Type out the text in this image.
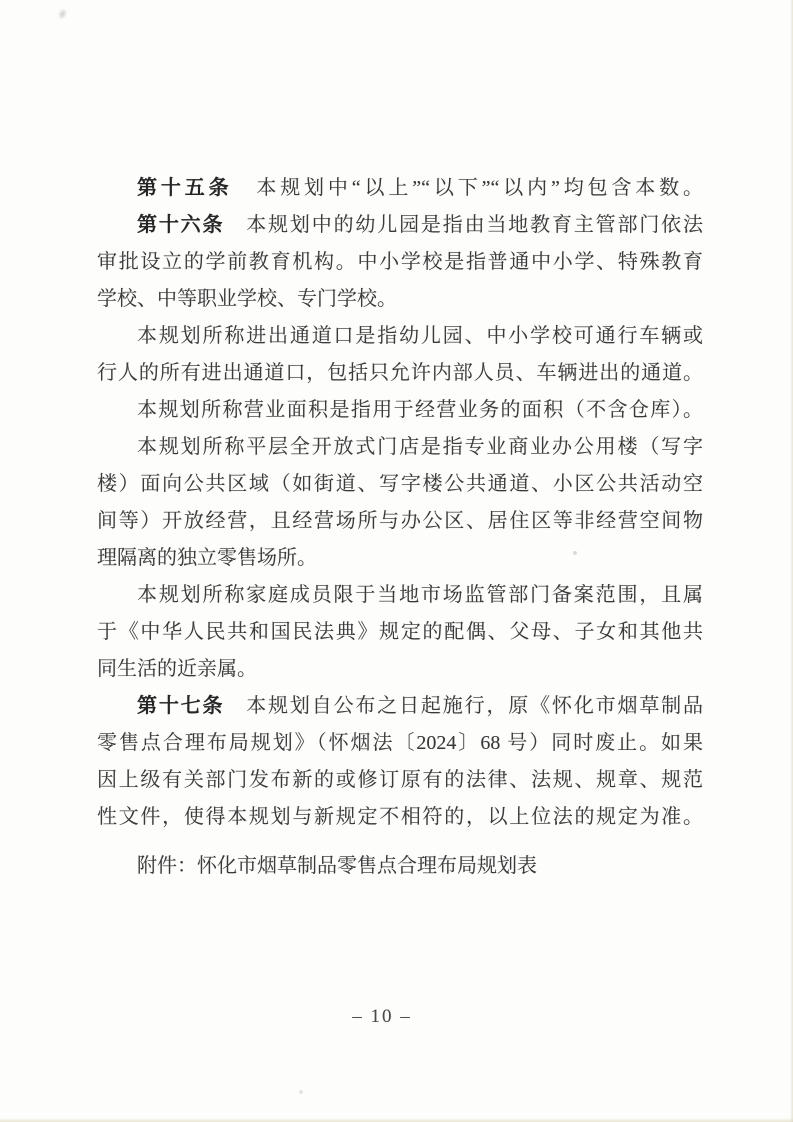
第十五条　本规划中“以上”“以下”“以内”均包含本数。
第十六条　本规划中的幼儿园是指由当地教育主管部门依法
审批设立的学前教育机构。中小学校是指普通中小学、特殊教育
学校、中等职业学校、专门学校。
本规划所称进出通道口是指幼儿园、中小学校可通行车辆或
行人的所有进出通道口，包括只允许内部人员、车辆进出的通道。
本规划所称营业面积是指用于经营业务的面积（不含仓库）。
本规划所称平层全开放式门店是指专业商业办公用楼（写字
楼）面向公共区域（如街道、写字楼公共通道、小区公共活动空
间等）开放经营，且经营场所与办公区、居住区等非经营空间物
理隔离的独立零售场所。
本规划所称家庭成员限于当地市场监管部门备案范围，且属
于《中华人民共和国民法典》规定的配偶、父母、子女和其他共
同生活的近亲属。
第十七条　本规划自公布之日起施行，原《怀化市烟草制品
零售点合理布局规划》（怀烟法〔2024〕68 号）同时废止。如果
因上级有关部门发布新的或修订原有的法律、法规、规章、规范
性文件，使得本规划与新规定不相符的，以上位法的规定为准。
附件：怀化市烟草制品零售点合理布局规划表
– 10 –
